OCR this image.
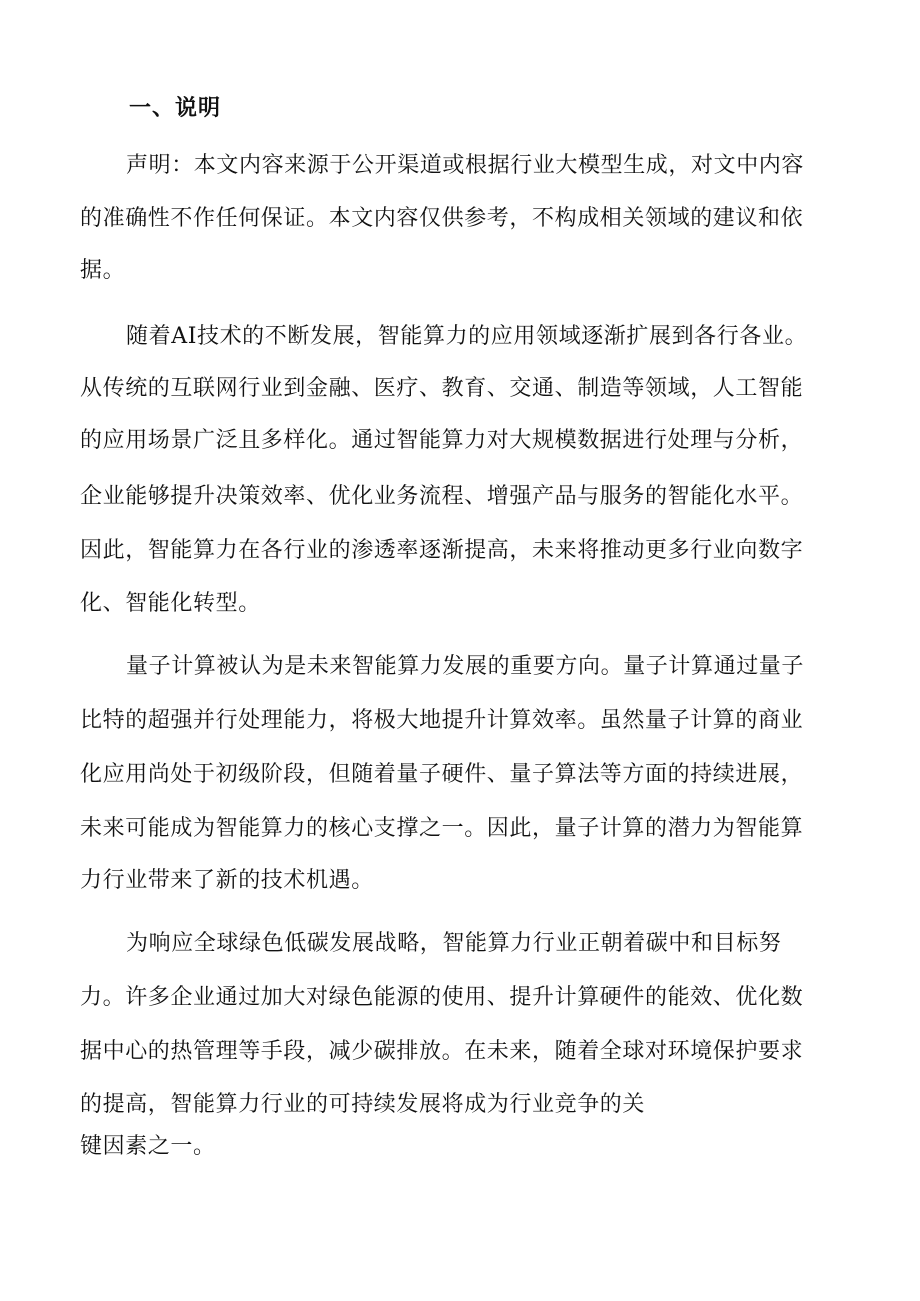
一、说明

声明：本文内容来源于公开渠道或根据行业大模型生成，对文中内容

的准确性不作任何保证。本文内容仅供参考，不构成相关领域的建议和依

据。

随着AI技术的不断发展，智能算力的应用领域逐渐扩展到各行各业。

从传统的互联网行业到金融、医疗、教育、交通、制造等领域，人工智能

的应用场景广泛且多样化。通过智能算力对大规模数据进行处理与分析，

企业能够提升决策效率、优化业务流程、增强产品与服务的智能化水平。

因此，智能算力在各行业的渗透率逐渐提高，未来将推动更多行业向数字

化、智能化转型。

量子计算被认为是未来智能算力发展的重要方向。量子计算通过量子

比特的超强并行处理能力，将极大地提升计算效率。虽然量子计算的商业

化应用尚处于初级阶段，但随着量子硬件、量子算法等方面的持续进展，

未来可能成为智能算力的核心支撑之一。因此，量子计算的潜力为智能算

力行业带来了新的技术机遇。

为响应全球绿色低碳发展战略，智能算力行业正朝着碳中和目标努

力。许多企业通过加大对绿色能源的使用、提升计算硬件的能效、优化数

据中心的热管理等手段，减少碳排放。在未来，随着全球对环境保护要求

的提高，智能算力行业的可持续发展将成为行业竞争的关

键因素之一。
